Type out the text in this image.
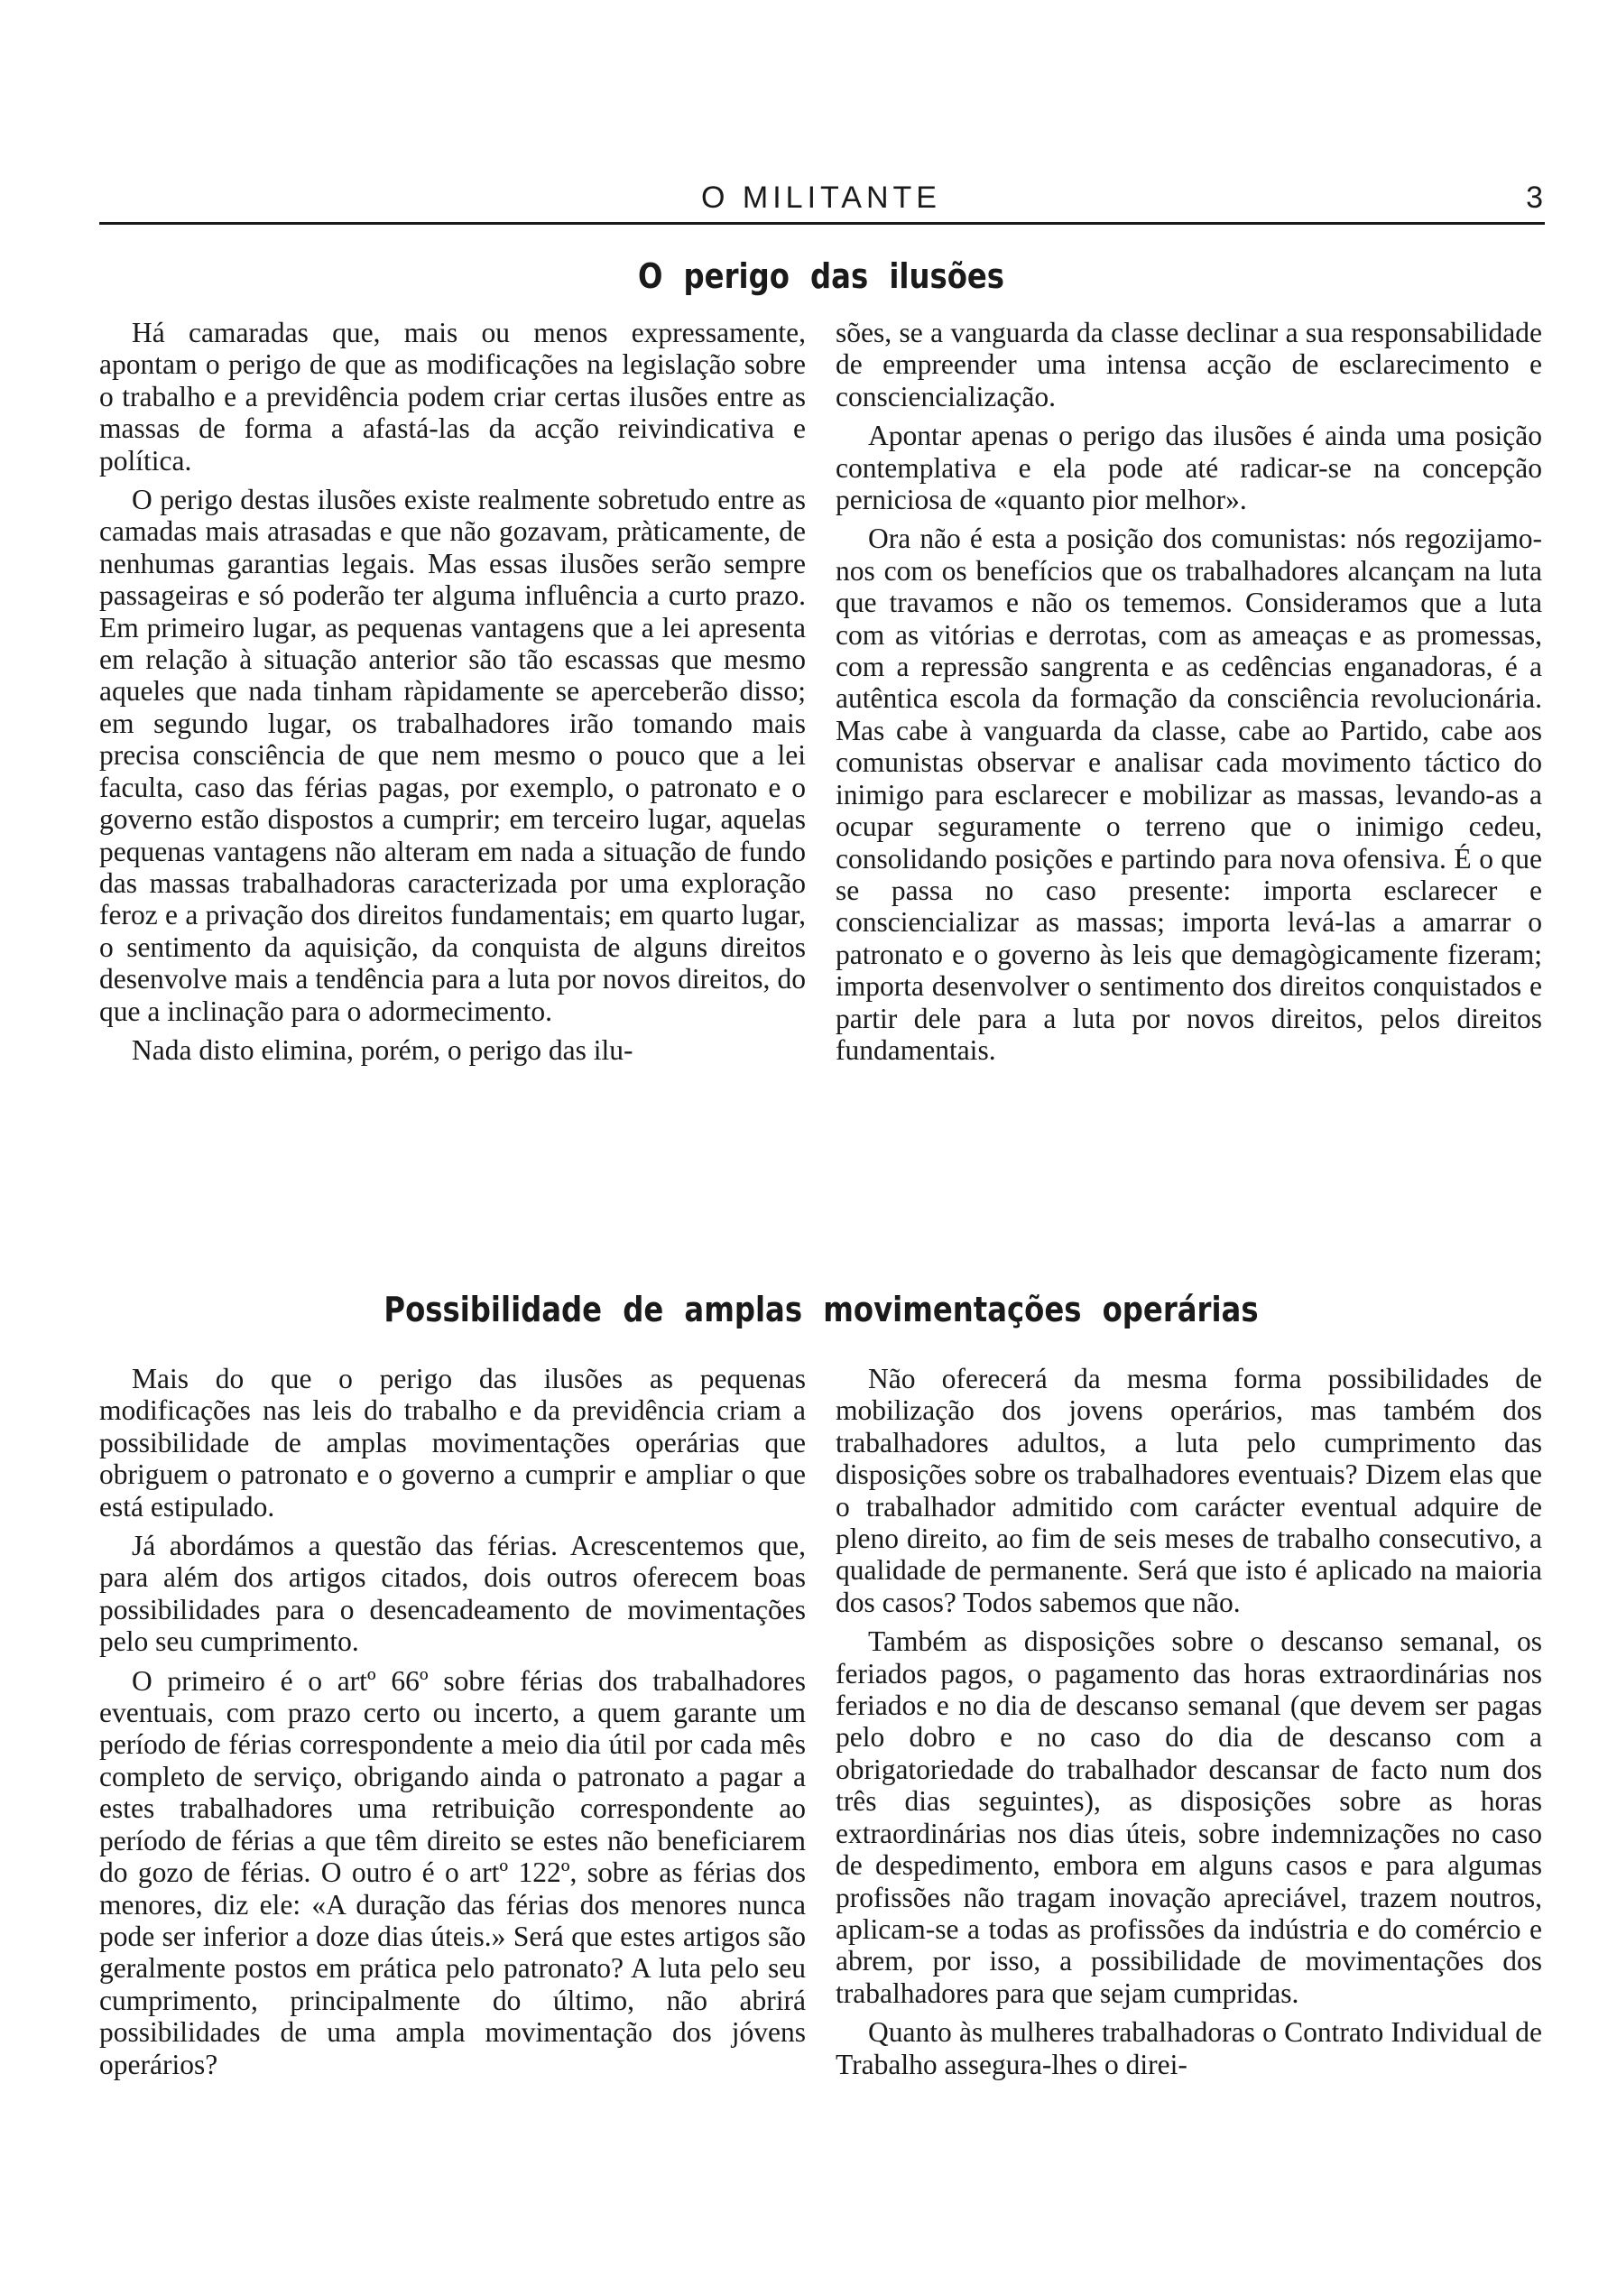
O MILITANTE	3
O perigo das ilusões

Há camaradas que, mais ou menos expressamente, apontam o perigo de que as modificações na legislação sobre o trabalho e a previdência podem criar certas ilusões entre as massas de forma a afastá-las da acção reivindicativa e política.

O perigo destas ilusões existe realmente sobretudo entre as camadas mais atrasadas e que não gozavam, pràticamente, de nenhumas garantias legais. Mas essas ilusões serão sempre passageiras e só poderão ter alguma influência a curto prazo. Em primeiro lugar, as pequenas vantagens que a lei apresenta em relação à situação anterior são tão escassas que mesmo aqueles que nada tinham ràpidamente se aperceberão disso; em segundo lugar, os trabalhadores irão tomando mais precisa consciência de que nem mesmo o pouco que a lei faculta, caso das férias pagas, por exemplo, o patronato e o governo estão dispostos a cumprir; em terceiro lugar, aquelas pequenas vantagens não alteram em nada a situação de fundo das massas trabalhadoras caracterizada por uma exploração feroz e a privação dos direitos fundamentais; em quarto lugar, o sentimento da aquisição, da conquista de alguns direitos desenvolve mais a tendência para a luta por novos direitos, do que a inclinação para o adormecimento.

Nada disto elimina, porém, o perigo das ilu-

sões, se a vanguarda da classe declinar a sua responsabilidade de empreender uma intensa acção de esclarecimento e consciencialização.

Apontar apenas o perigo das ilusões é ainda uma posição contemplativa e ela pode até radicar-se na concepção perniciosa de «quanto pior melhor».

Ora não é esta a posição dos comunistas: nós regozijamo-nos com os benefícios que os trabalhadores alcançam na luta que travamos e não os tememos. Consideramos que a luta com as vitórias e derrotas, com as ameaças e as promessas, com a repressão sangrenta e as cedências enganadoras, é a autêntica escola da formação da consciência revolucionária. Mas cabe à vanguarda da classe, cabe ao Partido, cabe aos comunistas observar e analisar cada movimento táctico do inimigo para esclarecer e mobilizar as massas, levando-as a ocupar seguramente o terreno que o inimigo cedeu, consolidando posições e partindo para nova ofensiva. É o que se passa no caso presente: importa esclarecer e consciencializar as massas; importa levá-las a amarrar o patronato e o governo às leis que demagògicamente fizeram; importa desenvolver o sentimento dos direitos conquistados e partir dele para a luta por novos direitos, pelos direitos fundamentais.

Possibilidade de amplas movimentações operárias

Mais do que o perigo das ilusões as pequenas modificações nas leis do trabalho e da previdência criam a possibilidade de amplas movimentações operárias que obriguem o patronato e o governo a cumprir e ampliar o que está estipulado.

Já abordámos a questão das férias. Acrescentemos que, para além dos artigos citados, dois outros oferecem boas possibilidades para o desencadeamento de movimentações pelo seu cumprimento.

O primeiro é o artº 66º sobre férias dos trabalhadores eventuais, com prazo certo ou incerto, a quem garante um período de férias correspondente a meio dia útil por cada mês completo de serviço, obrigando ainda o patronato a pagar a estes trabalhadores uma retribuição correspondente ao período de férias a que têm direito se estes não beneficiarem do gozo de férias. O outro é o artº 122º, sobre as férias dos menores, diz ele: «A duração das férias dos menores nunca pode ser inferior a doze dias úteis.» Será que estes artigos são geralmente postos em prática pelo patronato? A luta pelo seu cumprimento, principalmente do último, não abrirá possibilidades de uma ampla movimentação dos jóvens operários?

Não oferecerá da mesma forma possibilidades de mobilização dos jovens operários, mas também dos trabalhadores adultos, a luta pelo cumprimento das disposições sobre os trabalhadores eventuais? Dizem elas que o trabalhador admitido com carácter eventual adquire de pleno direito, ao fim de seis meses de trabalho consecutivo, a qualidade de permanente. Será que isto é aplicado na maioria dos casos? Todos sabemos que não.

Também as disposições sobre o descanso semanal, os feriados pagos, o pagamento das horas extraordinárias nos feriados e no dia de descanso semanal (que devem ser pagas pelo dobro e no caso do dia de descanso com a obrigatoriedade do trabalhador descansar de facto num dos três dias seguintes), as disposições sobre as horas extraordinárias nos dias úteis, sobre indemnizações no caso de despedimento, embora em alguns casos e para algumas profissões não tragam inovação apreciável, trazem noutros, aplicam-se a todas as profissões da indústria e do comércio e abrem, por isso, a possibilidade de movimentações dos trabalhadores para que sejam cumpridas.

Quanto às mulheres trabalhadoras o Contrato Individual de Trabalho assegura-lhes o direi-
